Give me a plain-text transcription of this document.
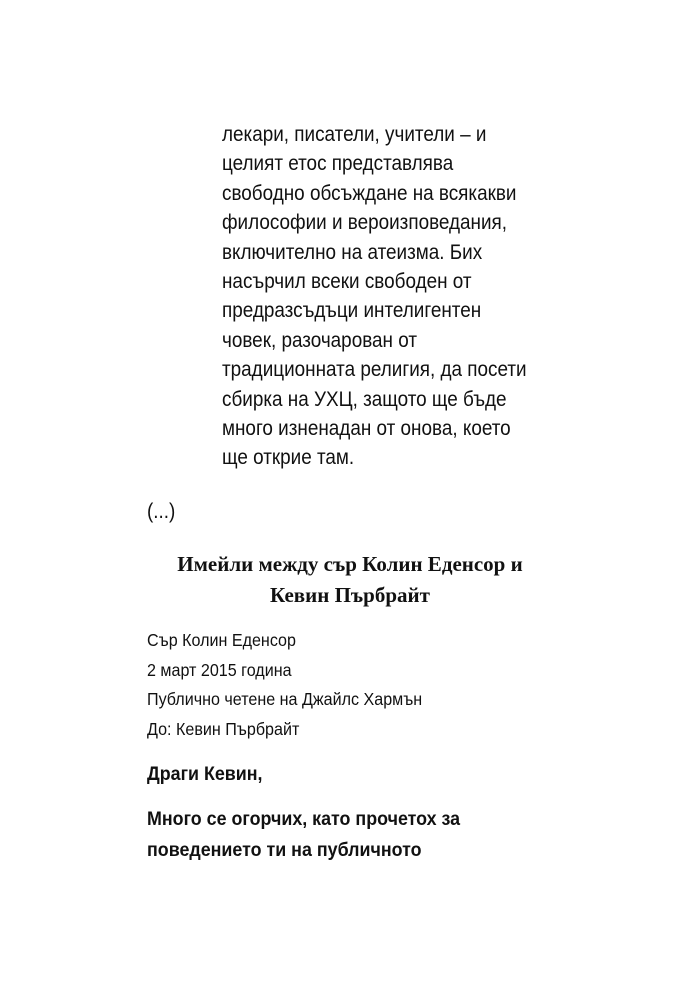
лекари, писатели, учители – и
целият етос представлява
свободно обсъждане на всякакви
философии и вероизповедания,
включително на атеизма. Бих
насърчил всеки свободен от
предразсъдъци интелигентен
човек, разочарован от
традиционната религия, да посети
сбирка на УХЦ, защото ще бъде
много изненадан от онова, което
ще открие там.
(...)
Имейли между сър Колин Еденсор и
Кевин Пърбрайт
Сър Колин Еденсор
2 март 2015 година
Публично четене на Джайлс Хармън
До: Кевин Пърбрайт
Драги Кевин,
Много се огорчих, като прочетох за
поведението ти на публичното
